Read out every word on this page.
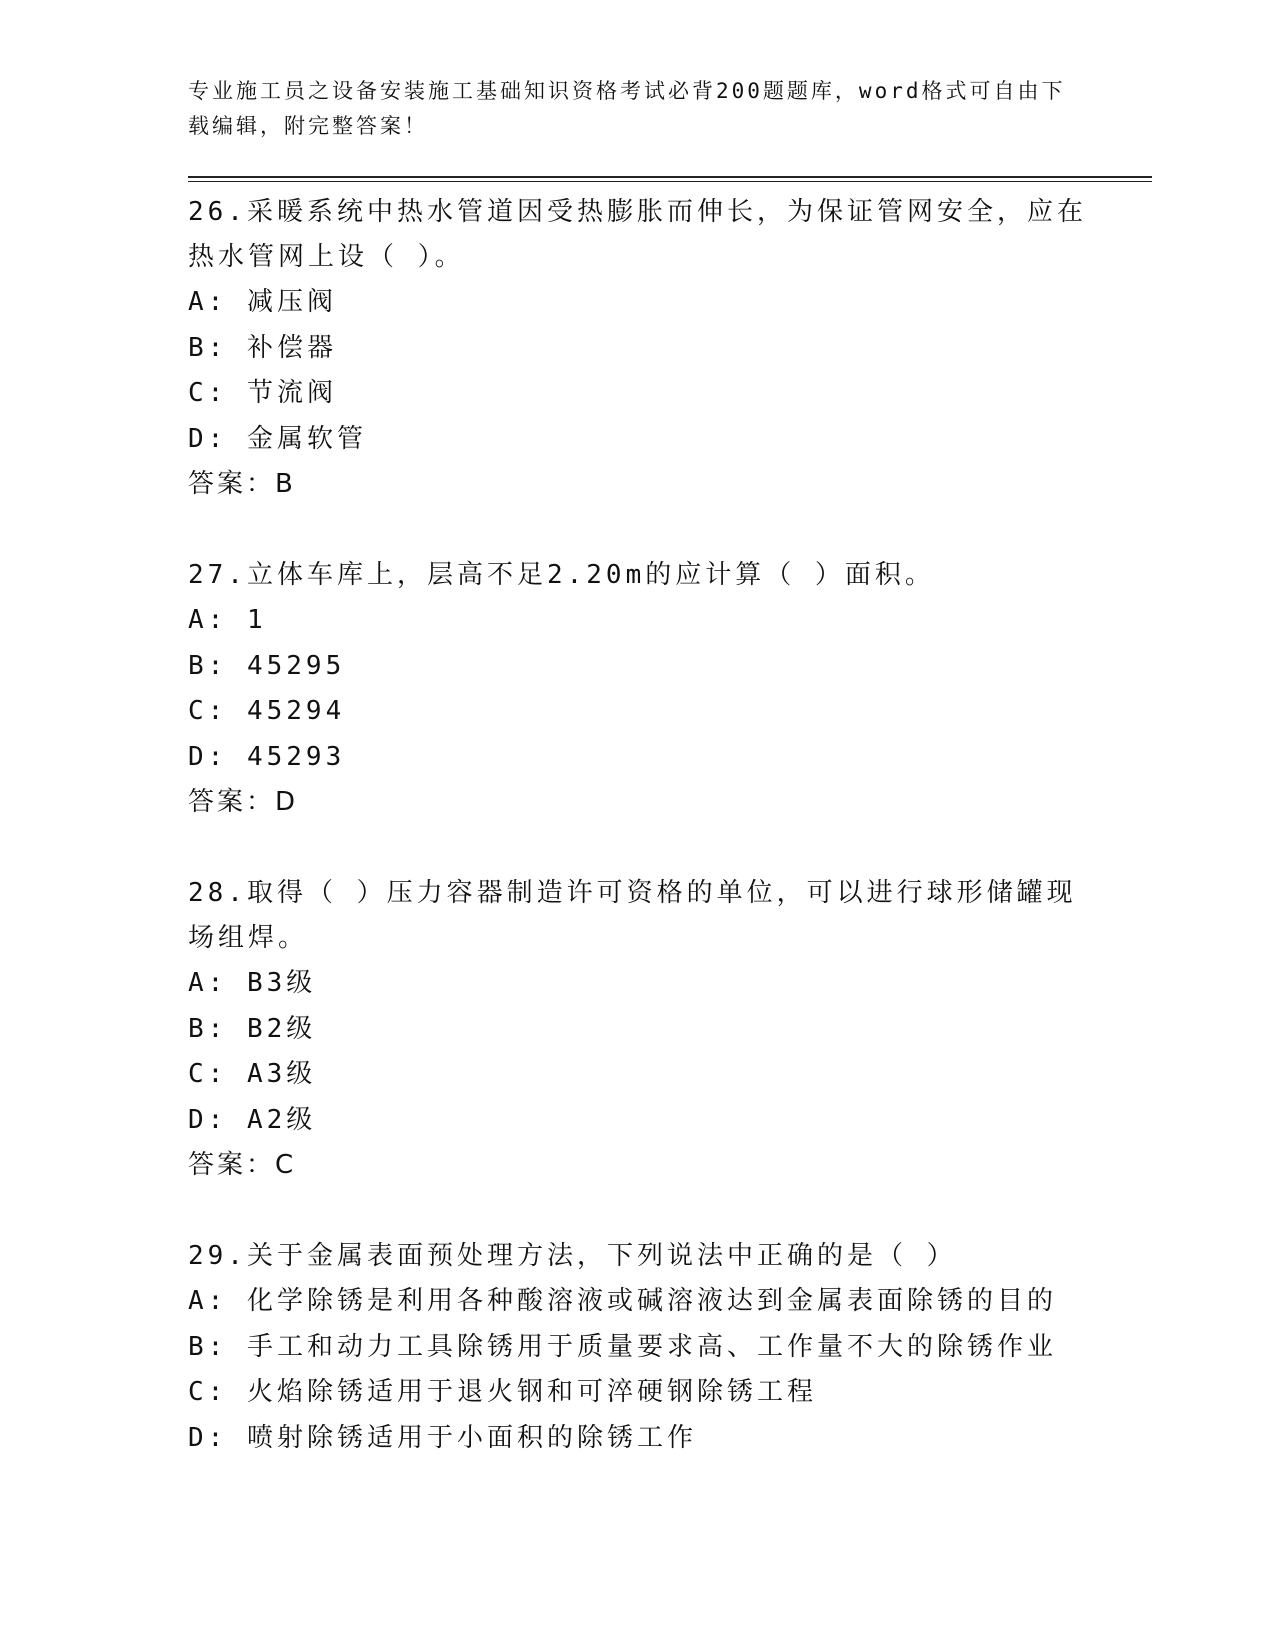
专业施工员之设备安装施工基础知识资格考试必背200题题库，word格式可自由下载编辑，附完整答案！

26.采暖系统中热水管道因受热膨胀而伸长，为保证管网安全，应在热水管网上设（ ）。

A: 减压阀
B: 补偿器
C: 节流阀
D: 金属软管
答案：B

27.立体车库上，层高不足2.20m的应计算（ ）面积。

A: 1
B: 45295
C: 45294
D: 45293
答案：D

28.取得（ ）压力容器制造许可资格的单位，可以进行球形储罐现场组焊。

A: B3级
B: B2级
C: A3级
D: A2级
答案：C

29.关于金属表面预处理方法，下列说法中正确的是（ ）

A: 化学除锈是利用各种酸溶液或碱溶液达到金属表面除锈的目的
B: 手工和动力工具除锈用于质量要求高、工作量不大的除锈作业
C: 火焰除锈适用于退火钢和可淬硬钢除锈工程
D: 喷射除锈适用于小面积的除锈工作
